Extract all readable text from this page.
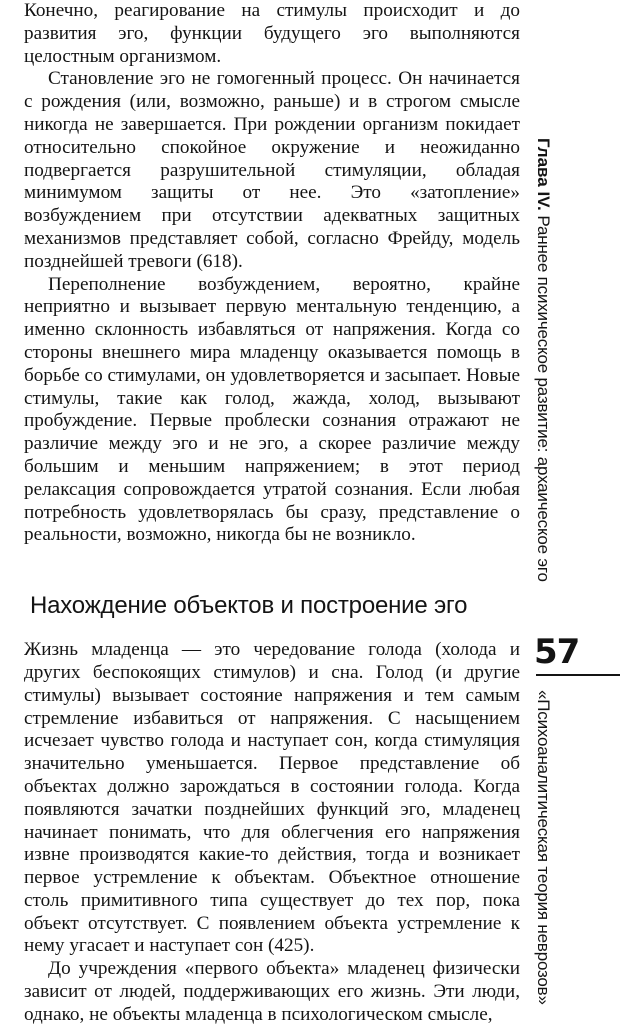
Конечно, реагирование на стимулы происходит и до развития эго, функции будущего эго выполняются целостным организмом.

Становление эго не гомогенный процесс. Он начинается с рождения (или, возможно, раньше) и в строгом смысле никогда не завершается. При рождении организм покидает относительно спокойное окружение и неожиданно подвергается разрушительной стимуляции, обладая минимумом защиты от нее. Это «затопление» возбуждением при отсутствии адекватных защитных механизмов представляет собой, согласно Фрейду, модель позднейшей тревоги (618).

Переполнение возбуждением, вероятно, крайне неприятно и вызывает первую ментальную тенденцию, а именно склонность избавляться от напряжения. Когда со стороны внешнего мира младенцу оказывается помощь в борьбе со стимулами, он удовлетворяется и засыпает. Новые стимулы, такие как голод, жажда, холод, вызывают пробуждение. Первые проблески сознания отражают не различие между эго и не эго, а скорее различие между большим и меньшим напряжением; в этот период релаксация сопровождается утратой сознания. Если любая потребность удовлетворялась бы сразу, представление о реальности, возможно, никогда бы не возникло.

Нахождение объектов и построение эго

Жизнь младенца — это чередование голода (холода и других беспокоящих стимулов) и сна. Голод (и другие стимулы) вызывает состояние напряжения и тем самым стремление избавиться от напряжения. С насыщением исчезает чувство голода и наступает сон, когда стимуляция значительно уменьшается. Первое представление об объектах должно зарождаться в состоянии голода. Когда появляются зачатки позднейших функций эго, младенец начинает понимать, что для облегчения его напряжения извне производятся какие-то действия, тогда и возникает первое устремление к объектам. Объектное отношение столь примитивного типа существует до тех пор, пока объект отсутствует. С появлением объекта устремление к нему угасает и наступает сон (425).

До учреждения «первого объекта» младенец физически зависит от людей, поддерживающих его жизнь. Эти люди, однако, не объекты младенца в психологическом смысле,

Глава IV. Раннее психическое развитие: архаическое эго
57
«Психоаналитическая теория неврозов»
